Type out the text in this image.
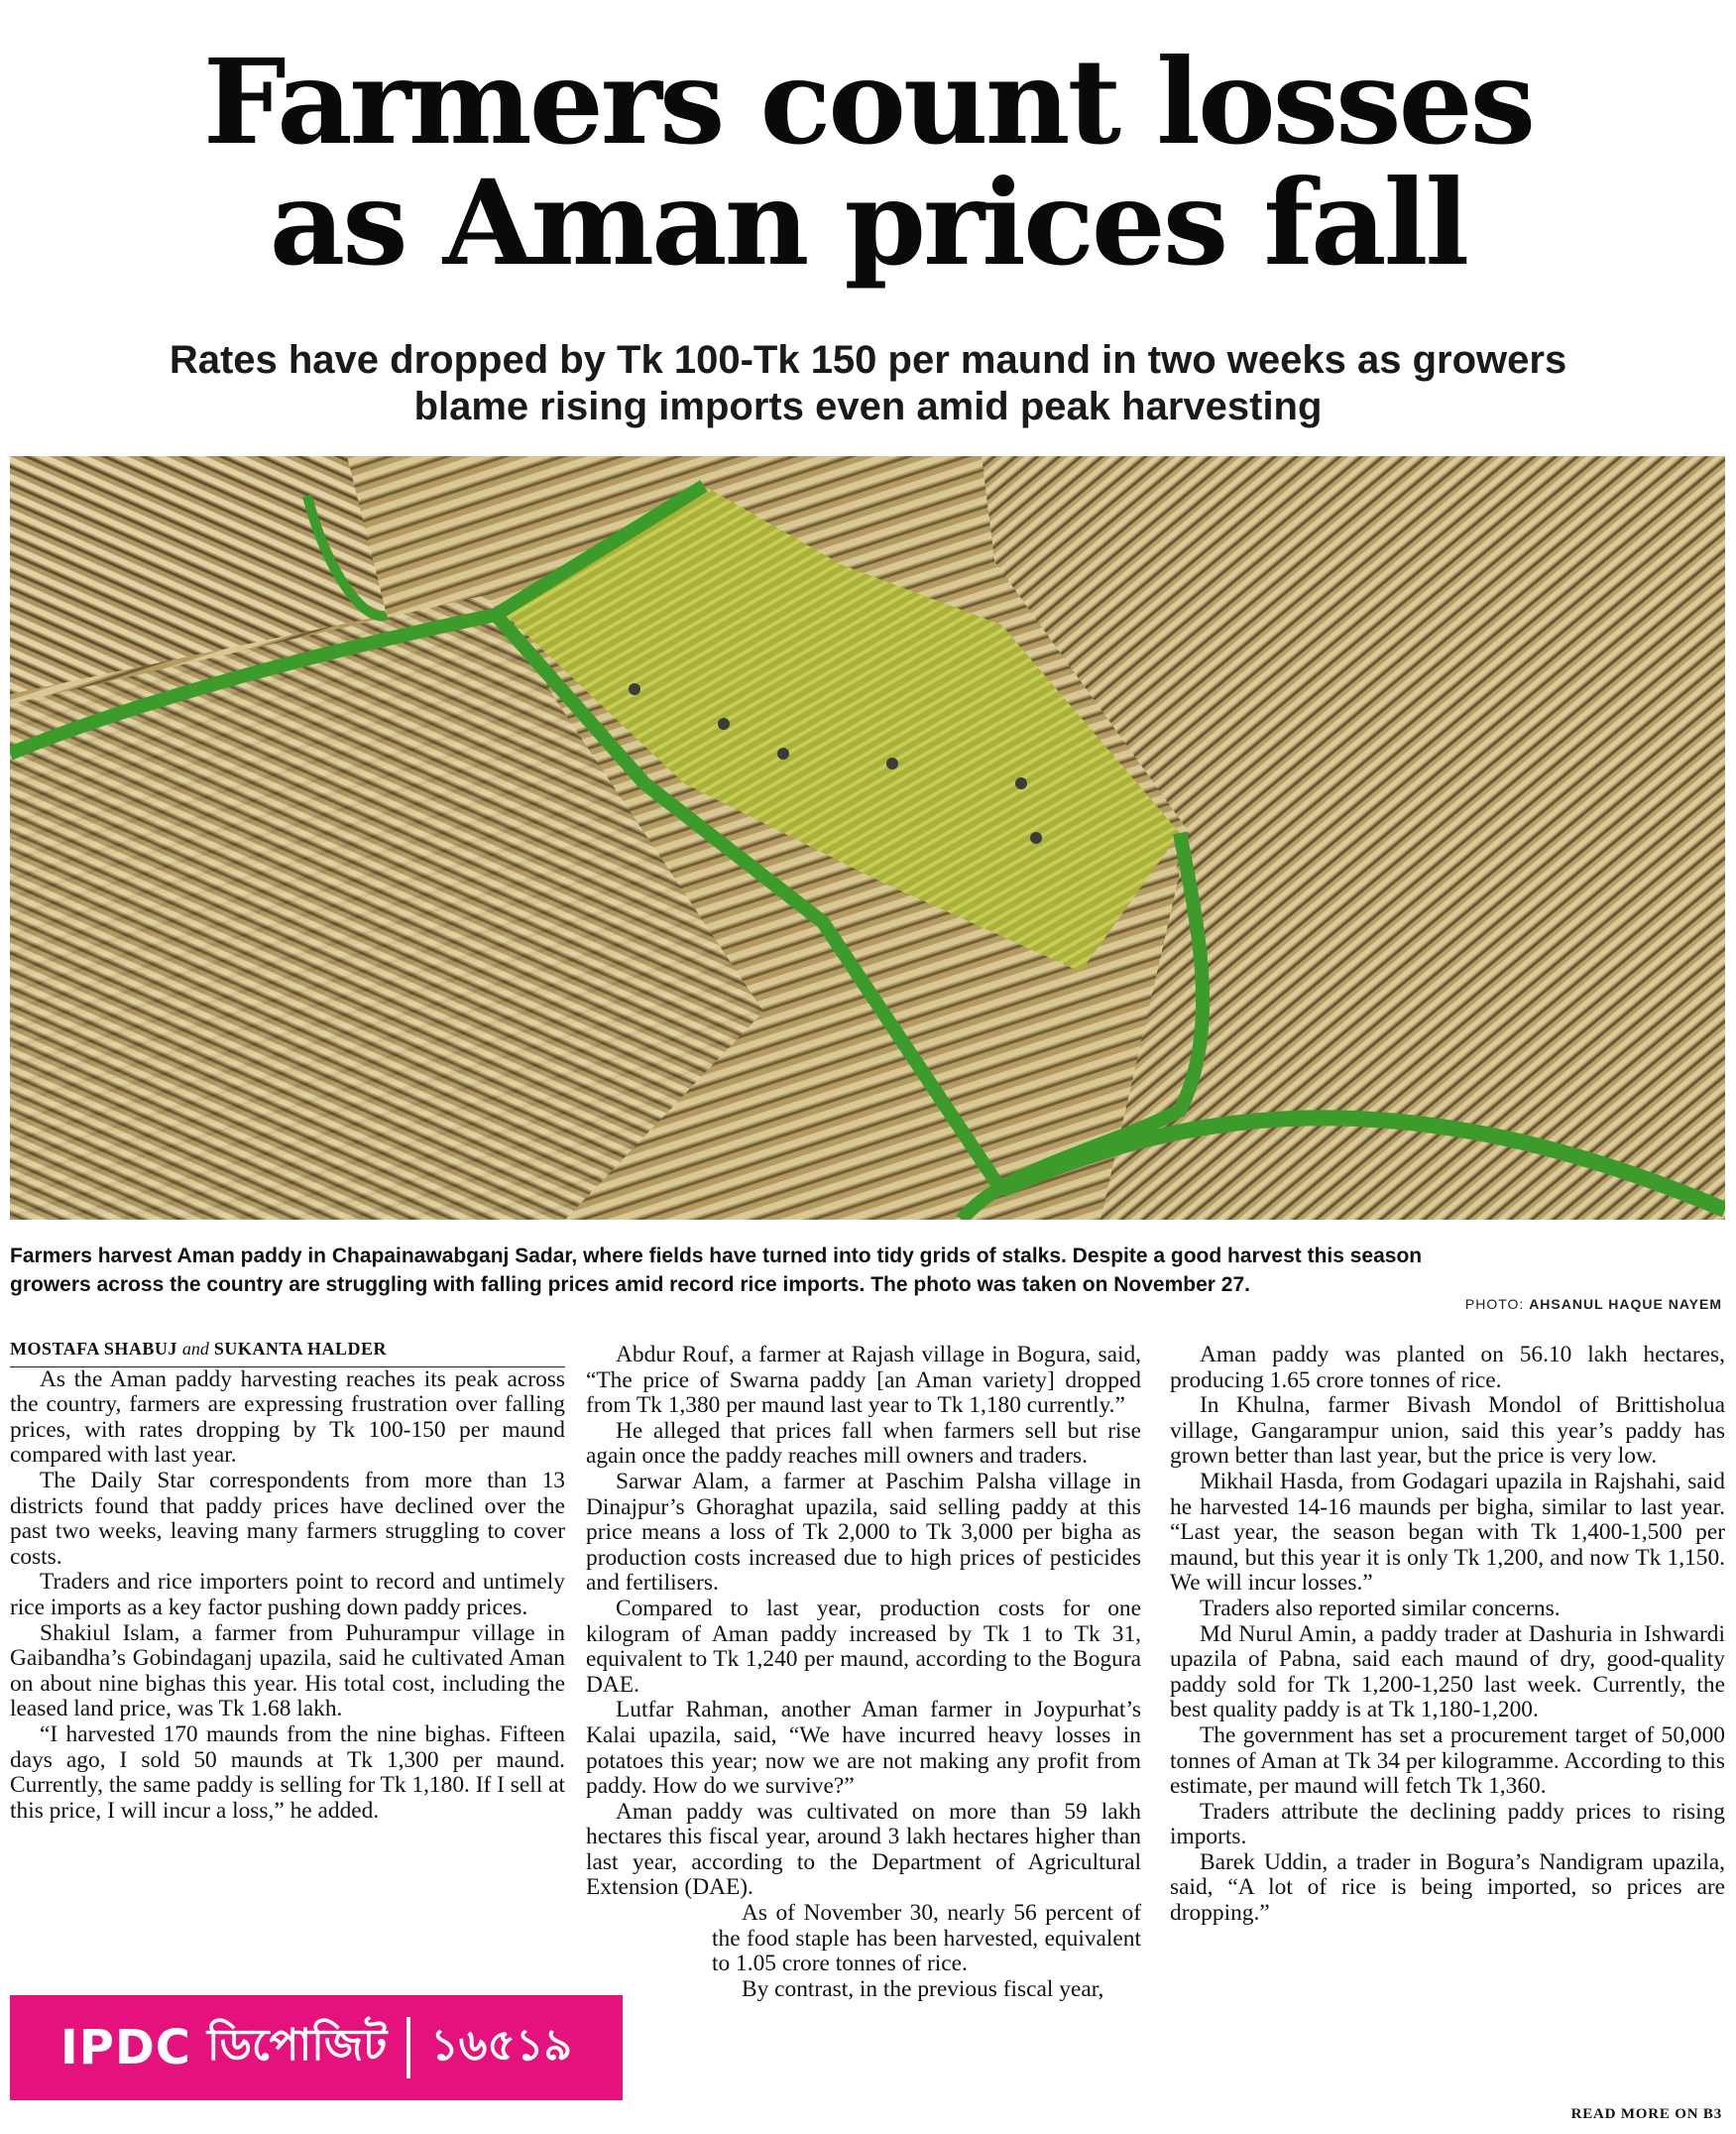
Farmers count losses
as Aman prices fall
Rates have dropped by Tk 100-Tk 150 per maund in two weeks as growers
blame rising imports even amid peak harvesting

Farmers harvest Aman paddy in Chapainawabganj Sadar, where fields have turned into tidy grids of stalks. Despite a good harvest this season growers across the country are struggling with falling prices amid record rice imports. The photo was taken on November 27.

PHOTO: AHSANUL HAQUE NAYEM

MOSTAFA SHABUJ and SUKANTA HALDER

As the Aman paddy harvesting reaches its peak across the country, farmers are expressing frustration over falling prices, with rates dropping by Tk 100-150 per maund compared with last year.

The Daily Star correspondents from more than 13 districts found that paddy prices have declined over the past two weeks, leaving many farmers struggling to cover costs.

Traders and rice importers point to record and untimely rice imports as a key factor pushing down paddy prices.

Shakiul Islam, a farmer from Puhurampur village in Gaibandha’s Gobindaganj upazila, said he cultivated Aman on about nine bighas this year. His total cost, including the leased land price, was Tk 1.68 lakh.

“I harvested 170 maunds from the nine bighas. Fifteen days ago, I sold 50 maunds at Tk 1,300 per maund. Currently, the same paddy is selling for Tk 1,180. If I sell at this price, I will incur a loss,” he added.

Abdur Rouf, a farmer at Rajash village in Bogura, said, “The price of Swarna paddy [an Aman variety] dropped from Tk 1,380 per maund last year to Tk 1,180 currently.”

He alleged that prices fall when farmers sell but rise again once the paddy reaches mill owners and traders.

Sarwar Alam, a farmer at Paschim Palsha village in Dinajpur’s Ghoraghat upazila, said selling paddy at this price means a loss of Tk 2,000 to Tk 3,000 per bigha as production costs increased due to high prices of pesticides and fertilisers.

Compared to last year, production costs for one kilogram of Aman paddy increased by Tk 1 to Tk 31, equivalent to Tk 1,240 per maund, according to the Bogura DAE.

Lutfar Rahman, another Aman farmer in Joypurhat’s Kalai upazila, said, “We have incurred heavy losses in potatoes this year; now we are not making any profit from paddy. How do we survive?”

Aman paddy was cultivated on more than 59 lakh hectares this fiscal year, around 3 lakh hectares higher than last year, according to the Department of Agricultural Extension (DAE).

As of November 30, nearly 56 percent of the food staple has been harvested, equivalent to 1.05 crore tonnes of rice.

By contrast, in the previous fiscal year,

Aman paddy was planted on 56.10 lakh hectares, producing 1.65 crore tonnes of rice.

In Khulna, farmer Bivash Mondol of Brittisholua village, Gangarampur union, said this year’s paddy has grown better than last year, but the price is very low.

Mikhail Hasda, from Godagari upazila in Rajshahi, said he harvested 14-16 maunds per bigha, similar to last year. “Last year, the season began with Tk 1,400-1,500 per maund, but this year it is only Tk 1,200, and now Tk 1,150. We will incur losses.”

Traders also reported similar concerns.

Md Nurul Amin, a paddy trader at Dashuria in Ishwardi upazila of Pabna, said each maund of dry, good-quality paddy sold for Tk 1,200-1,250 last week. Currently, the best quality paddy is at Tk 1,180-1,200.

The government has set a procurement target of 50,000 tonnes of Aman at Tk 34 per kilogramme. According to this estimate, per maund will fetch Tk 1,360.

Traders attribute the declining paddy prices to rising imports.

Barek Uddin, a trader in Bogura’s Nandigram upazila, said, “A lot of rice is being imported, so prices are dropping.”

IPDC ডিপোজিট ১৬৫১৯
READ MORE ON B3
